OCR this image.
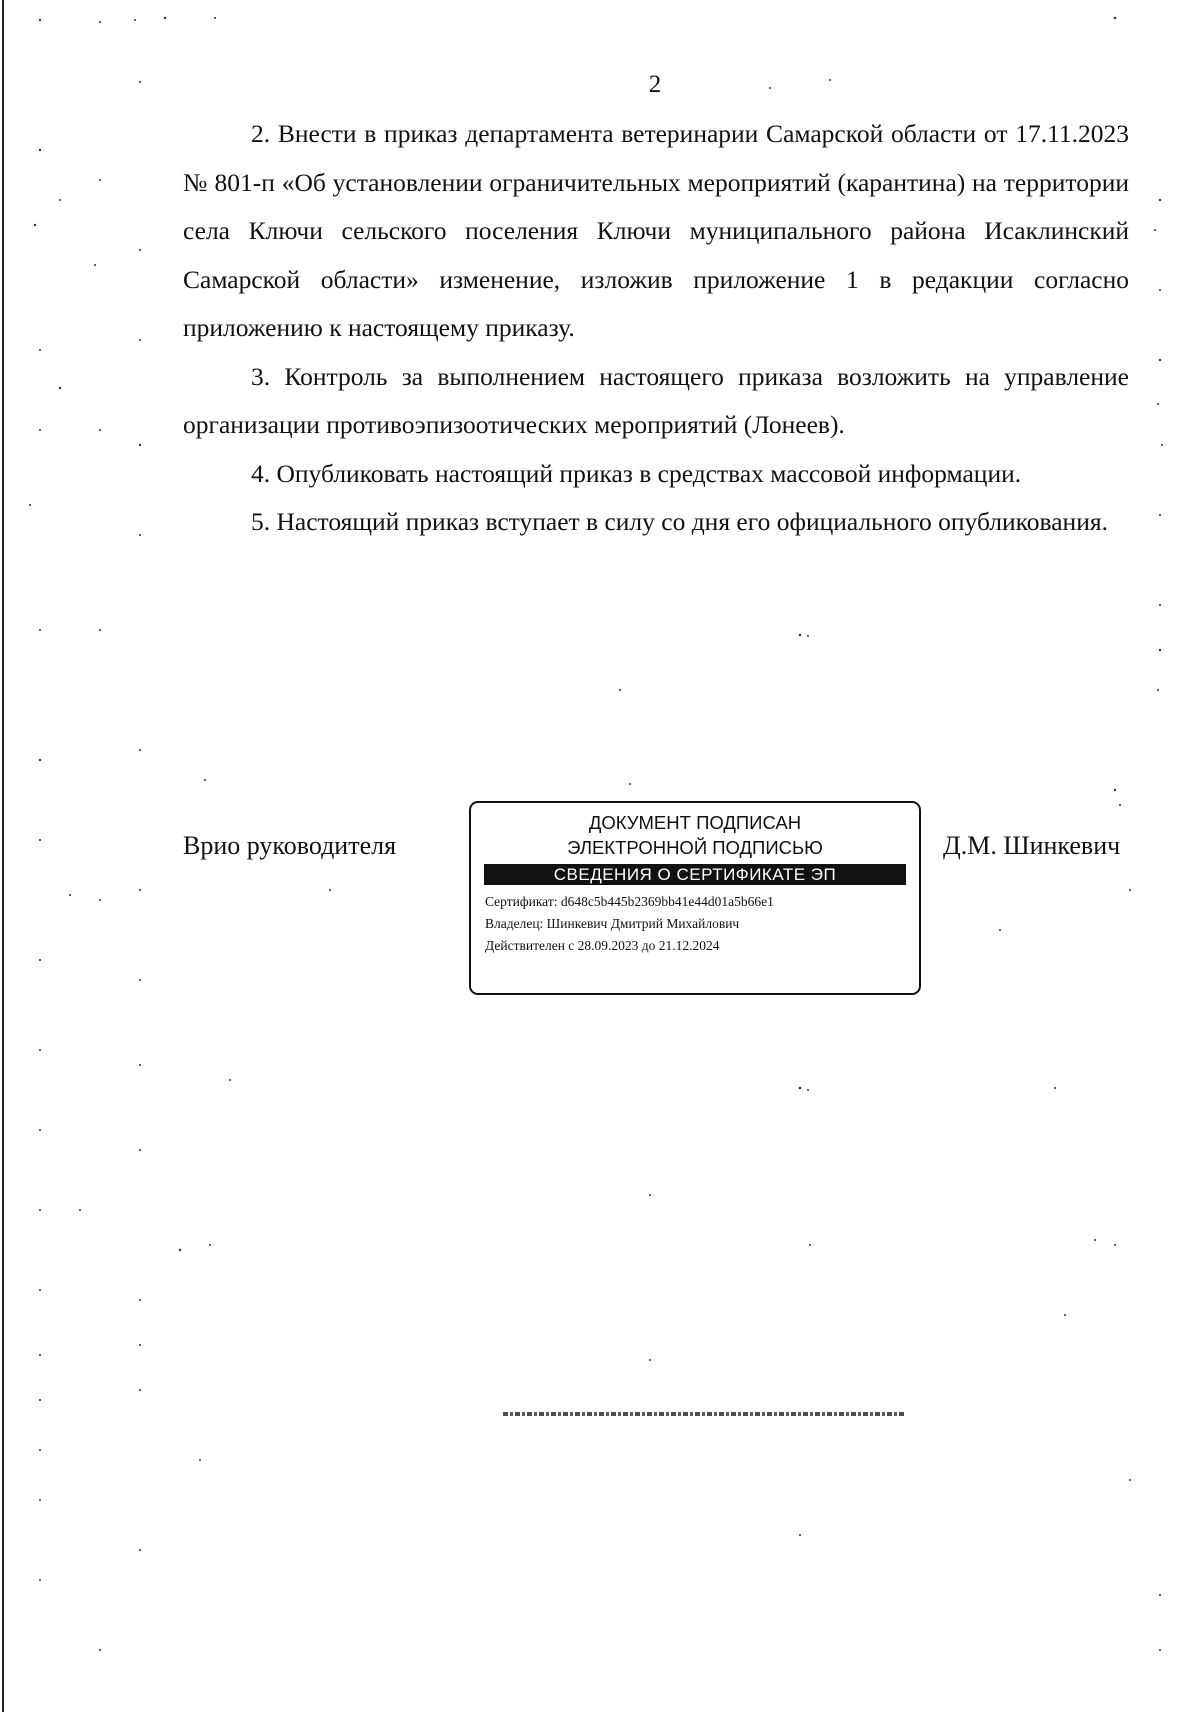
2

2. Внести в приказ департамента ветеринарии Самарской области от 17.11.2023 № 801-п «Об установлении ограничительных мероприятий (карантина) на территории села Ключи сельского поселения Ключи муниципального района Исаклинский Самарской области» изменение, изложив приложение 1 в редакции согласно приложению к настоящему приказу.

3. Контроль за выполнением настоящего приказа возложить на управление организации противоэпизоотических мероприятий (Лонеев).

4. Опубликовать настоящий приказ в средствах массовой информации.

5. Настоящий приказ вступает в силу со дня его официального опубликования.

Врио руководителя
ДОКУМЕНТ ПОДПИСАН
ЭЛЕКТРОННОЙ ПОДПИСЬЮ
СВЕДЕНИЯ О СЕРТИФИКАТЕ ЭП
Сертификат: d648c5b445b2369bb41e44d01a5b66e1
Владелец: Шинкевич Дмитрий Михайлович
Действителен с 28.09.2023 до 21.12.2024
Д.М. Шинкевич
